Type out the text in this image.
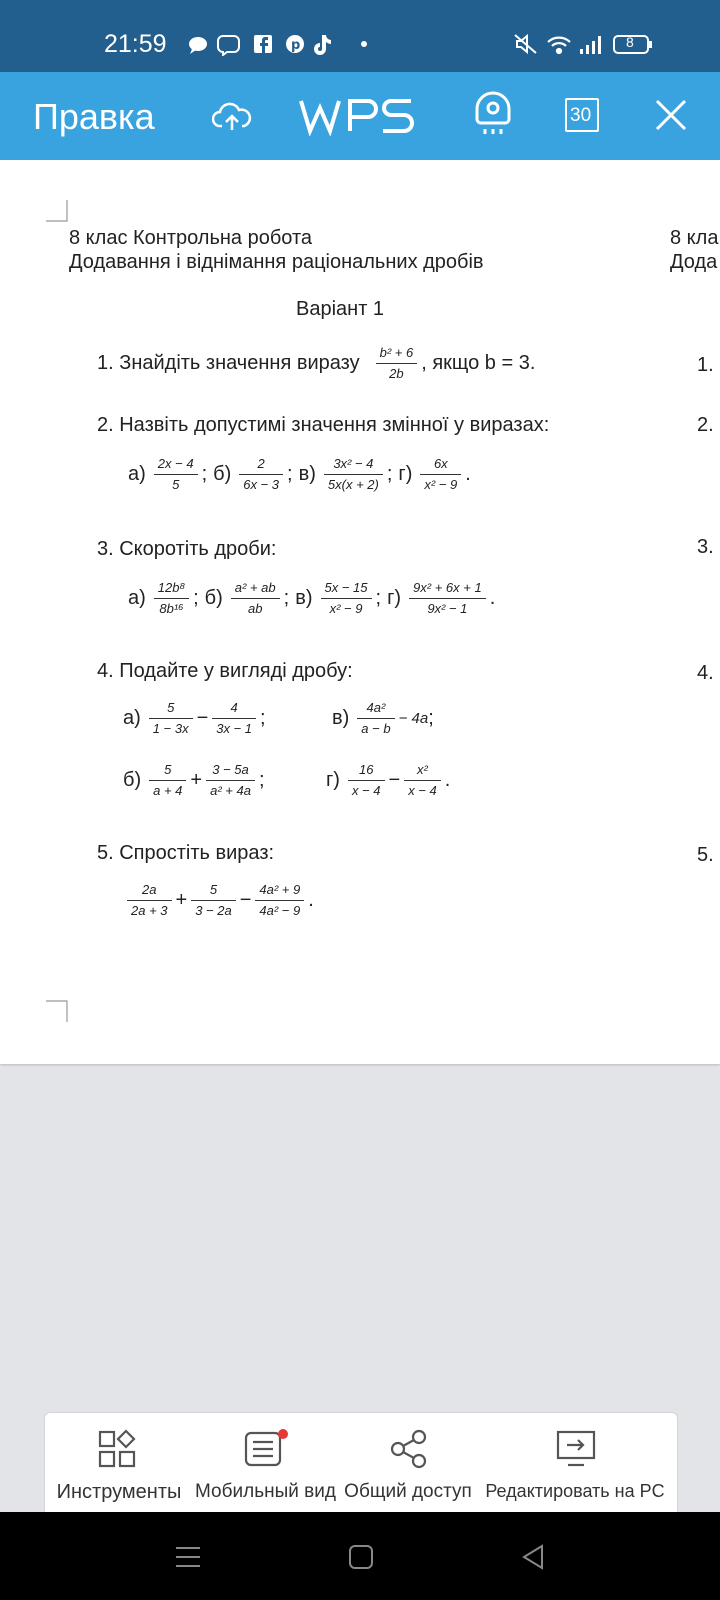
21:59	p	8
Правка	30
8 клас Контрольна робота
Додавання і віднімання раціональних дробів
8 кла
Дода
Варіант 1
1. Знайдіть значення виразу	b² + 6
2b , якщо b = 3.
2. Назвіть допустимі значення змінної у виразах:
а) 2x − 4
5 ; б)	2
6x − 3 ; в)	3x² − 4
5x(x + 2) ; г)	6x
x² − 9 .
3. Скоротіть дроби:
а) 12b⁸
8b¹⁶ ; б) a² + ab
ab ; в) 5x − 15
x² − 9 ; г) 9x² + 6x + 1
9x² − 1 .
4. Подайте у вигляді дробу:
а)	5
1 − 3x −	4
3x − 1 ;	в)	4a²
a − b
− 4a ;
б)	5
a + 4 + 3 − 5a
a² + 4a ;	г)	16
x − 4 −	x²
x − 4 .
5. Спростіть вираз:
2a
2a + 3 +	5
3 − 2a − 4a² + 9
4a² − 9 .
1.
2.
3.
4.
5.
Инструменты Мобильный вид Общий доступ Редактировать на PC
